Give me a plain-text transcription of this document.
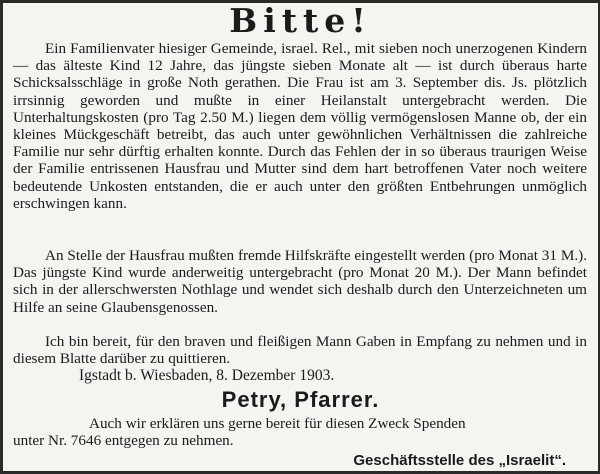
Bitte!
Ein Familienvater hiesiger Gemeinde, israel. Rel., mit sieben noch unerzogenen Kindern — das älteste Kind 12 Jahre, das jüngste sieben Monate alt — ist durch überaus harte Schicksalsschläge in große Noth gerathen. Die Frau ist am 3. September dis. Js. plötzlich irrsinnig geworden und mußte in einer Heilanstalt untergebracht werden. Die Unterhaltungskosten (pro Tag 2.50 M.) liegen dem völlig vermögenslosen Manne ob, der ein kleines Mückgeschäft betreibt, das auch unter gewöhnlichen Verhältnissen die zahlreiche Familie nur sehr dürftig erhalten konnte. Durch das Fehlen der in so überaus traurigen Weise der Familie entrissenen Hausfrau und Mutter sind dem hart betroffenen Vater noch weitere bedeutende Unkosten entstanden, die er auch unter den größten Entbehrungen unmöglich erschwingen kann.
An Stelle der Hausfrau mußten fremde Hilfskräfte eingestellt werden (pro Monat 31 M.). Das jüngste Kind wurde anderweitig untergebracht (pro Monat 20 M.). Der Mann befindet sich in der allerschwersten Nothlage und wendet sich deshalb durch den Unterzeichneten um Hilfe an seine Glaubensgenossen.
Ich bin bereit, für den braven und fleißigen Mann Gaben in Empfang zu nehmen und in diesem Blatte darüber zu quittieren.
Igstadt b. Wiesbaden, 8. Dezember 1903.
Petry, Pfarrer.
Auch wir erklären uns gerne bereit für diesen Zweck Spenden
unter Nr. 7646 entgegen zu nehmen.
Geschäftsstelle des „Israelit“.
